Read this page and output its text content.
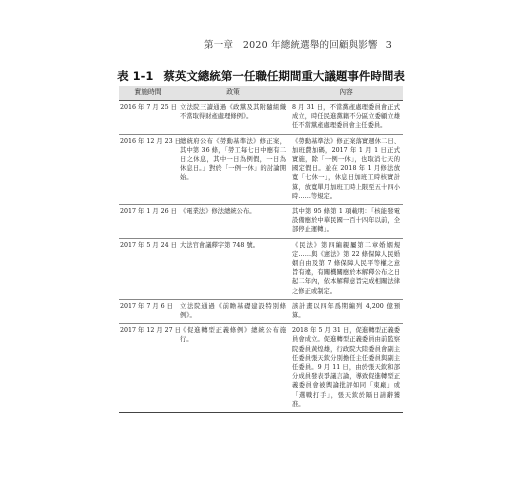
第一章　2020 年總統選舉的回顧與影響 3
表 1-1 蔡英文總統第一任職任期間重大議題事件時間表
實施時間	政策	內容
2016 年 7 月 25 日	立法院三讀通過《政黨及其附隨組織不當取得財產處理條例》。	8 月 31 日，不當黨產處理委員會正式成立，時任民進黨籍不分區立委顧立雄任不當黨產處理委員會主任委員。
2016 年 12 月 23 日	總統府公布《勞動基準法》修正案，其中第 36 條，「勞工每七日中應有二日之休息，其中一日為例假，一日為休息日。」對於「一例一休」的討論開始。	《勞動基準法》修正案落實週休二日、加班費加碼，2017 年 1 月 1 日正式實施，除「一例一休」，也取消七天的國定假日。並在 2018 年 1 月修法放寬「七休一」，休息日加班工時核實計算，放寬單月加班工時上限至五十四小時……等規定。
2017 年 1 月 26 日	《電業法》修法總統公布。	其中第 95 條第 1 項載明：「核能發電設備應於中華民國一百十四年以前，全部停止運轉」。
2017 年 5 月 24 日	大法官會議釋字第 748 號。	《民法》第四編親屬第二章婚姻規定……與《憲法》第 22 條保障人民婚姻自由及第 7 條保障人民平等權之意旨有違，有關機關應於本解釋公布之日起二年內，依本解釋意旨完成相關法律之修正或制定。
2017 年 7 月 6 日	立法院通過《前瞻基礎建設特別條例》。	該計畫以四年爲期編列 4,200 億預算。
2017 年 12 月 27 日	《促進轉型正義條例》總統公布施行。	2018 年 5 月 31 日，促進轉型正義委員會成立。促進轉型正義委員由前監察院委員黃煌雄，行政院大陸委員會副主任委員張天欽分別擔任主任委員與副主任委員。9 月 11 日，由於張天欽和部分成員發表爭議言論，導致促進轉型正義委員會被輿論批評如同「東廠」或「選戰打手」，張天欽於隔日請辭獲准。
